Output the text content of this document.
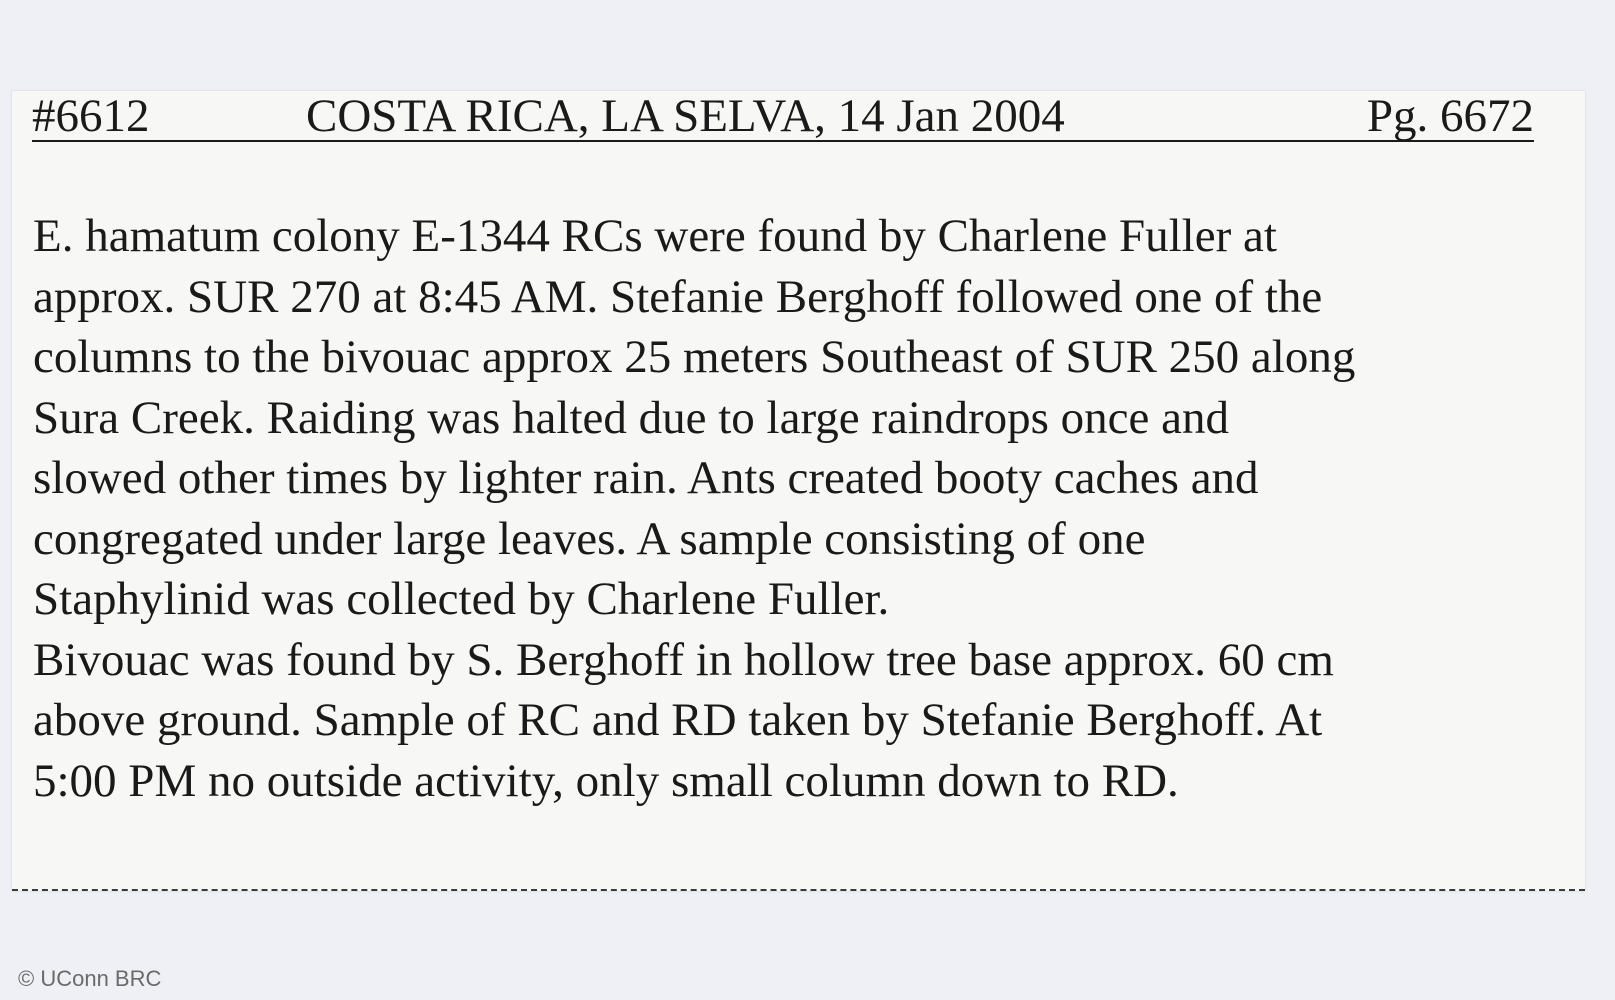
#6612	COSTA RICA, LA SELVA, 14 Jan 2004	Pg. 6672

E. hamatum colony E-1344 RCs were found by Charlene Fuller at
approx. SUR 270 at 8:45 AM. Stefanie Berghoff followed one of the
columns to the bivouac approx 25 meters Southeast of SUR 250 along
Sura Creek. Raiding was halted due to large raindrops once and
slowed other times by lighter rain. Ants created booty caches and
congregated under large leaves. A sample consisting of one
Staphylinid was collected by Charlene Fuller.
Bivouac was found by S. Berghoff in hollow tree base approx. 60 cm
above ground. Sample of RC and RD taken by Stefanie Berghoff. At
5:00 PM no outside activity, only small column down to RD.

© UConn BRC
